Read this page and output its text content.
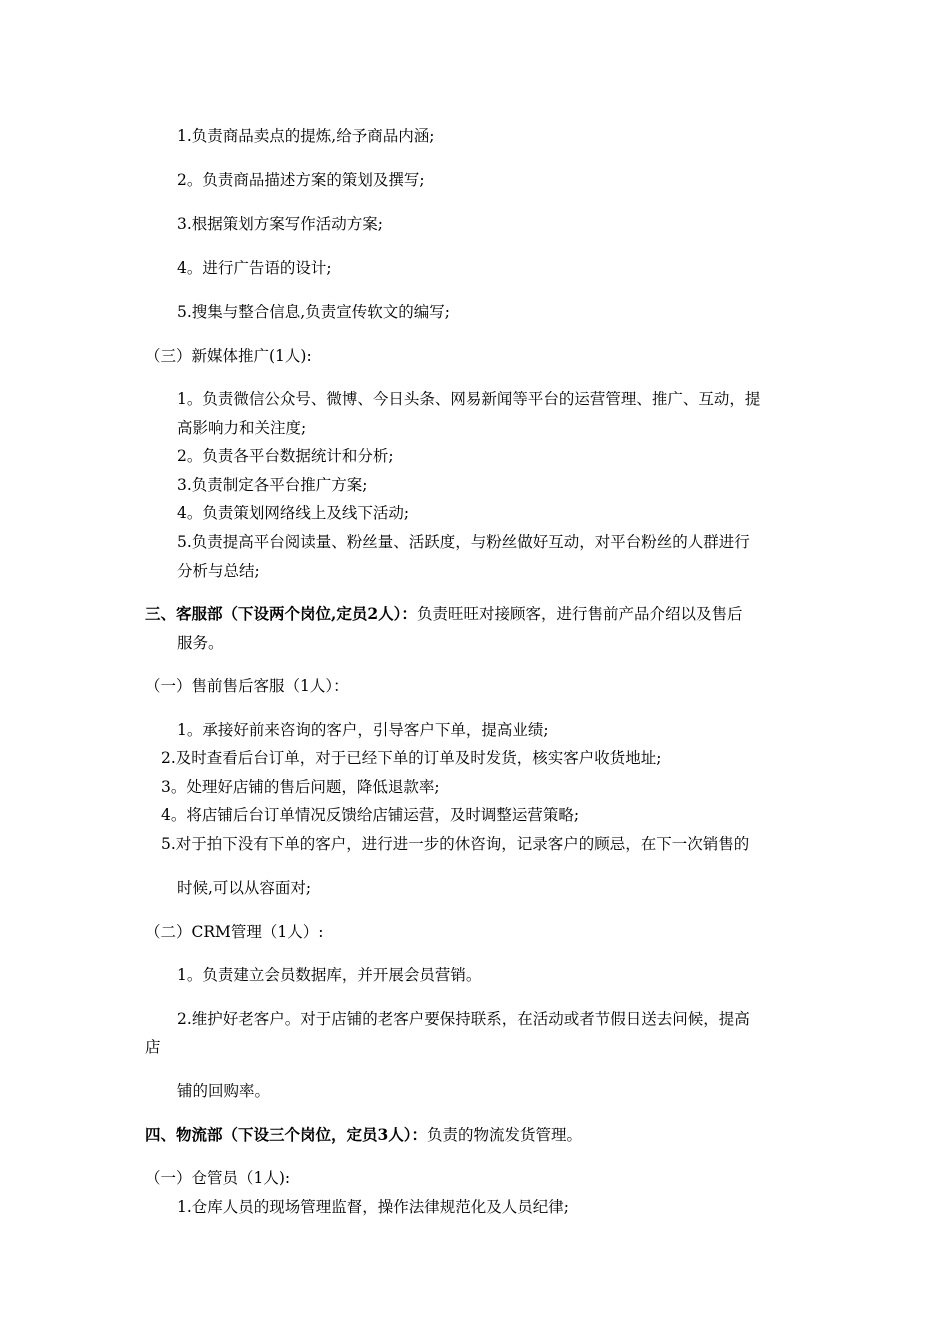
1.负责商品卖点的提炼,给予商品内涵;
2。负责商品描述方案的策划及撰写;
3.根据策划方案写作活动方案;
4。进行广告语的设计;
5.搜集与整合信息,负责宣传软文的编写;
（三）新媒体推广(1人):
1。负责微信公众号、微博、今日头条、网易新闻等平台的运营管理、推广、互动，提
高影响力和关注度;
2。负责各平台数据统计和分析;
3.负责制定各平台推广方案;
4。负责策划网络线上及线下活动;
5.负责提高平台阅读量、粉丝量、活跃度，与粉丝做好互动，对平台粉丝的人群进行
分析与总结;
三、客服部（下设两个岗位,定员2人）：负责旺旺对接顾客，进行售前产品介绍以及售后
服务。
（一）售前售后客服（1人）：
1。承接好前来咨询的客户，引导客户下单，提高业绩;
2.及时查看后台订单，对于已经下单的订单及时发货，核实客户收货地址;
3。处理好店铺的售后问题，降低退款率;
4。将店铺后台订单情况反馈给店铺运营，及时调整运营策略;
5.对于拍下没有下单的客户，进行进一步的休咨询，记录客户的顾忌，在下一次销售的
时候,可以从容面对;
（二）CRM管理（1人）:
1。负责建立会员数据库，并开展会员营销。
2.维护好老客户。对于店铺的老客户要保持联系，在活动或者节假日送去问候，提高
店
铺的回购率。
四、物流部（下设三个岗位，定员3人）：负责的物流发货管理。
（一）仓管员（1人):
1.仓库人员的现场管理监督，操作法律规范化及人员纪律;
